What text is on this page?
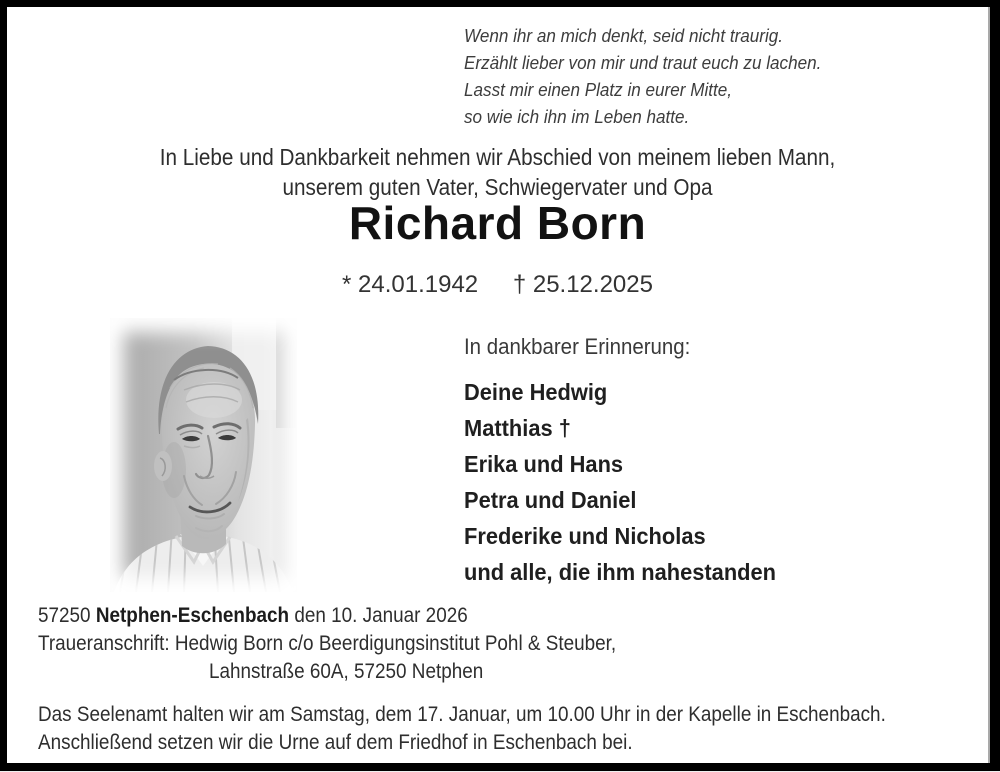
Wenn ihr an mich denkt, seid nicht traurig.
Erzählt lieber von mir und traut euch zu lachen.
Lasst mir einen Platz in eurer Mitte,
so wie ich ihn im Leben hatte.
In Liebe und Dankbarkeit nehmen wir Abschied von meinem lieben Mann,
unserem guten Vater, Schwiegervater und Opa
Richard Born
* 24.01.1942 † 25.12.2025
In dankbarer Erinnerung:
Deine Hedwig
Matthias †
Erika und Hans
Petra und Daniel
Frederike und Nicholas
und alle, die ihm nahestanden
57250 Netphen-Eschenbach den 10. Januar 2026
Traueranschrift: Hedwig Born c/o Beerdigungsinstitut Pohl & Steuber,
Lahnstraße 60A, 57250 Netphen
Das Seelenamt halten wir am Samstag, dem 17. Januar, um 10.00 Uhr in der Kapelle in Eschenbach.
Anschließend setzen wir die Urne auf dem Friedhof in Eschenbach bei.
